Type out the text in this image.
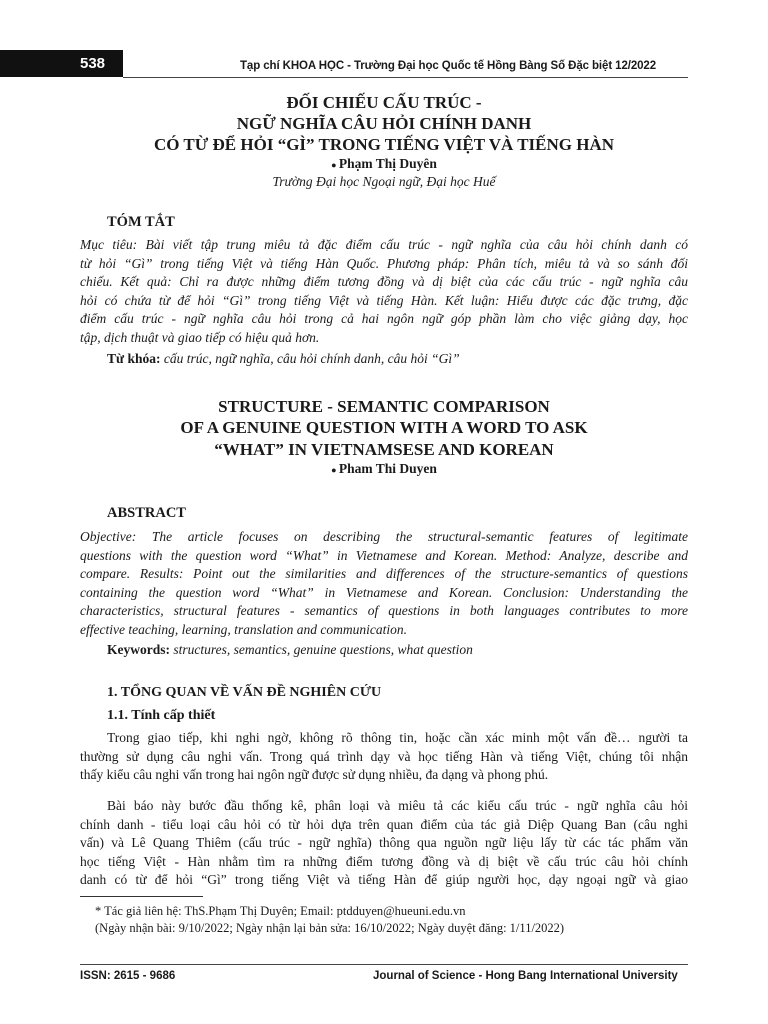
538	Tạp chí KHOA HỌC - Trường Đại học Quốc tế Hồng Bàng Số Đặc biệt 12/2022
ĐỐI CHIẾU CẤU TRÚC -
NGỮ NGHĨA CÂU HỎI CHÍNH DANH
CÓ TỪ ĐỂ HỎI “GÌ” TRONG TIẾNG VIỆT VÀ TIẾNG HÀN
● Phạm Thị Duyên
Trường Đại học Ngoại ngữ, Đại học Huế
TÓM TẮT
Mục tiêu: Bài viết tập trung miêu tả đặc điểm cấu trúc - ngữ nghĩa của câu hỏi chính danh có
từ hỏi “Gì” trong tiếng Việt và tiếng Hàn Quốc. Phương pháp: Phân tích, miêu tả và so sánh đối
chiếu. Kết quả: Chỉ ra được những điểm tương đồng và dị biệt của các cấu trúc - ngữ nghĩa câu
hỏi có chứa từ để hỏi “Gì” trong tiếng Việt và tiếng Hàn. Kết luận: Hiểu được các đặc trưng, đặc
điểm cấu trúc - ngữ nghĩa câu hỏi trong cả hai ngôn ngữ góp phần làm cho việc giảng dạy, học
tập, dịch thuật và giao tiếp có hiệu quả hơn.
Từ khóa: cấu trúc, ngữ nghĩa, câu hỏi chính danh, câu hỏi “Gì”
STRUCTURE - SEMANTIC COMPARISON
OF A GENUINE QUESTION WITH A WORD TO ASK
“WHAT” IN VIETNAMSESE AND KOREAN
● Pham Thi Duyen
ABSTRACT
Objective: The article focuses on describing the structural-semantic features of legitimate
questions with the question word “What” in Vietnamese and Korean. Method: Analyze, describe and
compare. Results: Point out the similarities and differences of the structure-semantics of questions
containing the question word “What” in Vietnamese and Korean. Conclusion: Understanding the
characteristics, structural features - semantics of questions in both languages contributes to more
effective teaching, learning, translation and communication.
Keywords: structures, semantics, genuine questions, what question
1. TỔNG QUAN VỀ VẤN ĐỀ NGHIÊN CỨU
1.1. Tính cấp thiết
Trong giao tiếp, khi nghi ngờ, không rõ thông tin, hoặc cần xác minh một vấn đề… người ta
thường sử dụng câu nghi vấn. Trong quá trình dạy và học tiếng Hàn và tiếng Việt, chúng tôi nhận
thấy kiểu câu nghi vấn trong hai ngôn ngữ được sử dụng nhiều, đa dạng và phong phú.
Bài báo này bước đầu thống kê, phân loại và miêu tả các kiểu cấu trúc - ngữ nghĩa câu hỏi
chính danh - tiểu loại câu hỏi có từ hỏi dựa trên quan điểm của tác giả Diệp Quang Ban (câu nghi
vấn) và Lê Quang Thiêm (cấu trúc - ngữ nghĩa) thông qua nguồn ngữ liệu lấy từ các tác phẩm văn
học tiếng Việt - Hàn nhằm tìm ra những điểm tương đồng và dị biệt về cấu trúc câu hỏi chính
danh có từ để hỏi “Gì” trong tiếng Việt và tiếng Hàn để giúp người học, dạy ngoại ngữ và giao
* Tác giả liên hệ: ThS.Phạm Thị Duyên; Email: ptdduyen@hueuni.edu.vn
(Ngày nhận bài: 9/10/2022; Ngày nhận lại bản sửa: 16/10/2022; Ngày duyệt đăng: 1/11/2022)
ISSN: 2615 - 9686	Journal of Science - Hong Bang International University
